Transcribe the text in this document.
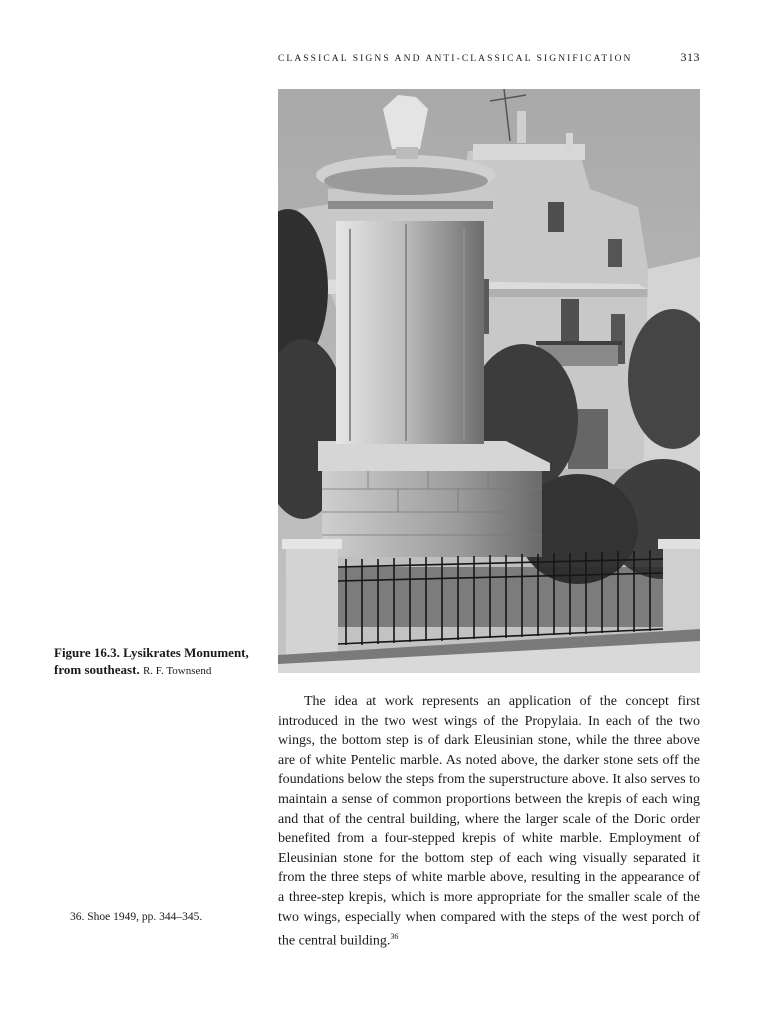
CLASSICAL SIGNS AND ANTI-CLASSICAL SIGNIFICATION	313
Figure 16.3. Lysikrates Monument, from southeast. R. F. Townsend

The idea at work represents an application of the concept first introduced in the two west wings of the Propylaia. In each of the two wings, the bottom step is of dark Eleusinian stone, while the three above are of white Pentelic marble. As noted above, the darker stone sets off the foundations below the steps from the superstructure above. It also serves to maintain a sense of common proportions between the krepis of each wing and that of the central building, where the larger scale of the Doric order benefited from a four-stepped krepis of white marble. Employment of Eleusinian stone for the bottom step of each wing visually separated it from the three steps of white marble above, resulting in the appearance of a three-step krepis, which is more appropriate for the smaller scale of the two wings, especially when compared with the steps of the west porch of the central building.$^{36}$

36. Shoe 1949, pp. 344–345.
